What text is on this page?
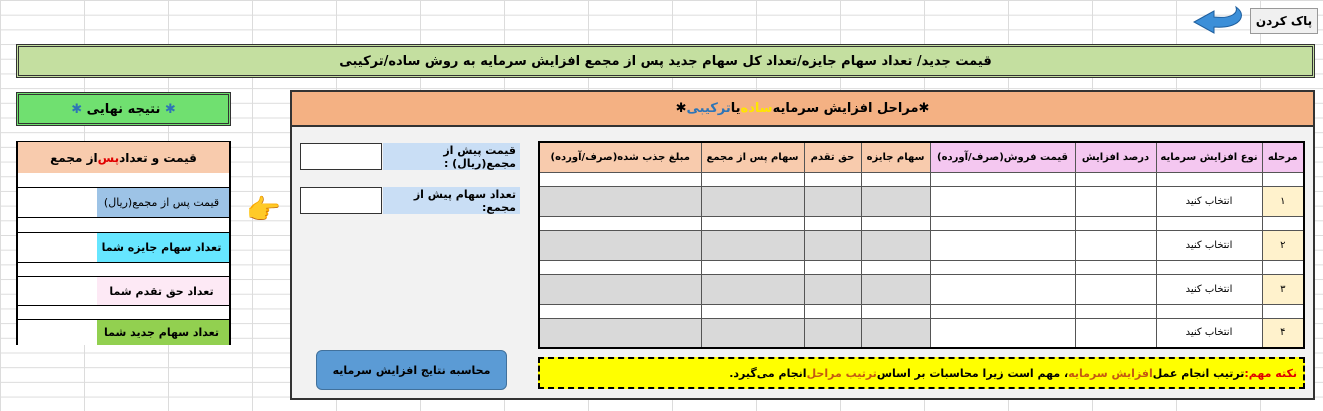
پاک کردن
قیمت جدید/ تعداد سهام جایزه/تعداد کل سهام جدید پس از مجمع افزایش سرمایه به روش ساده/ترکیبی
✱

نتیجه نهایی

✱
قیمت و تعداد
پس
از مجمع
قیمت پس از مجمع(ریال)
تعداد سهام جایزه شما
تعداد حق تقدم شما
تعداد سهام جدید شما
👉
✱مراحل افزایش سرمایه
ساده
یا
ترکیبی
✱
قیمت پیش از مجمع(ریال) :
تعداد سهام پیش از مجمع:
مرحله	نوع افزایش سرمایه	درصد افزایش	قیمت فروش(صرف/آورده)	سهام جایزه	حق تقدم	سهام پس از مجمع	مبلغ جذب شده(صرف/آورده)

۱	انتخاب کنید						

۲	انتخاب کنید						

۳	انتخاب کنید						

۴	انتخاب کنید						
محاسبه نتایج افزایش سرمایه	نکته مهم:
ترتیب انجام عمل
افزایش سرمایه
، مهم است زیرا محاسبات بر اساس
ترتیب مراحل
انجام می‌گیرد.
